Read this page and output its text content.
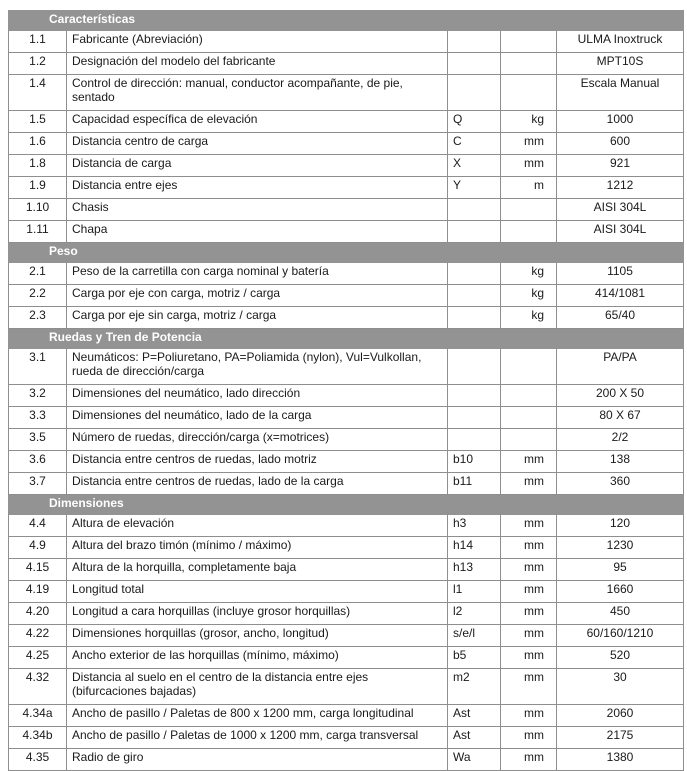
Características				
1.1	Fabricante (Abreviación)			ULMA Inoxtruck
1.2	Designación del modelo del fabricante			MPT10S
1.4	Control de dirección: manual, conductor acompañante, de pie, sentado			Escala Manual
1.5	Capacidad específica de elevación	Q	kg	1000
1.6	Distancia centro de carga	C	mm	600
1.8	Distancia de carga	X	mm	921
1.9	Distancia entre ejes	Y	m	1212
1.10	Chasis			AISI 304L
1.11	Chapa			AISI 304L
Peso				
2.1	Peso de la carretilla con carga nominal y batería		kg	1105
2.2	Carga por eje con carga, motriz / carga		kg	414/1081
2.3	Carga por eje sin carga, motriz / carga		kg	65/40
Ruedas y Tren de Potencia				
3.1	Neumáticos: P=Poliuretano, PA=Poliamida (nylon), Vul=Vulkollan, rueda de dirección/carga			PA/PA
3.2	Dimensiones del neumático, lado dirección			200 X 50
3.3	Dimensiones del neumático, lado de la carga			80 X 67
3.5	Número de ruedas, dirección/carga (x=motrices)			2/2
3.6	Distancia entre centros de ruedas, lado motriz	b10	mm	138
3.7	Distancia entre centros de ruedas, lado de la carga	b11	mm	360
Dimensiones				
4.4	Altura de elevación	h3	mm	120
4.9	Altura del brazo timón (mínimo / máximo)	h14	mm	1230
4.15	Altura de la horquilla, completamente baja	h13	mm	95
4.19	Longitud total	l1	mm	1660
4.20	Longitud a cara horquillas (incluye grosor horquillas)	l2	mm	450
4.22	Dimensiones horquillas (grosor, ancho, longitud)	s/e/l	mm	60/160/1210
4.25	Ancho exterior de las horquillas (mínimo, máximo)	b5	mm	520
4.32	Distancia al suelo en el centro de la distancia entre ejes (bifurcaciones bajadas)	m2	mm	30
4.34a	Ancho de pasillo / Paletas de 800 x 1200 mm, carga longitudinal	Ast	mm	2060
4.34b	Ancho de pasillo / Paletas de 1000 x 1200 mm, carga transversal	Ast	mm	2175
4.35	Radio de giro	Wa	mm	1380
